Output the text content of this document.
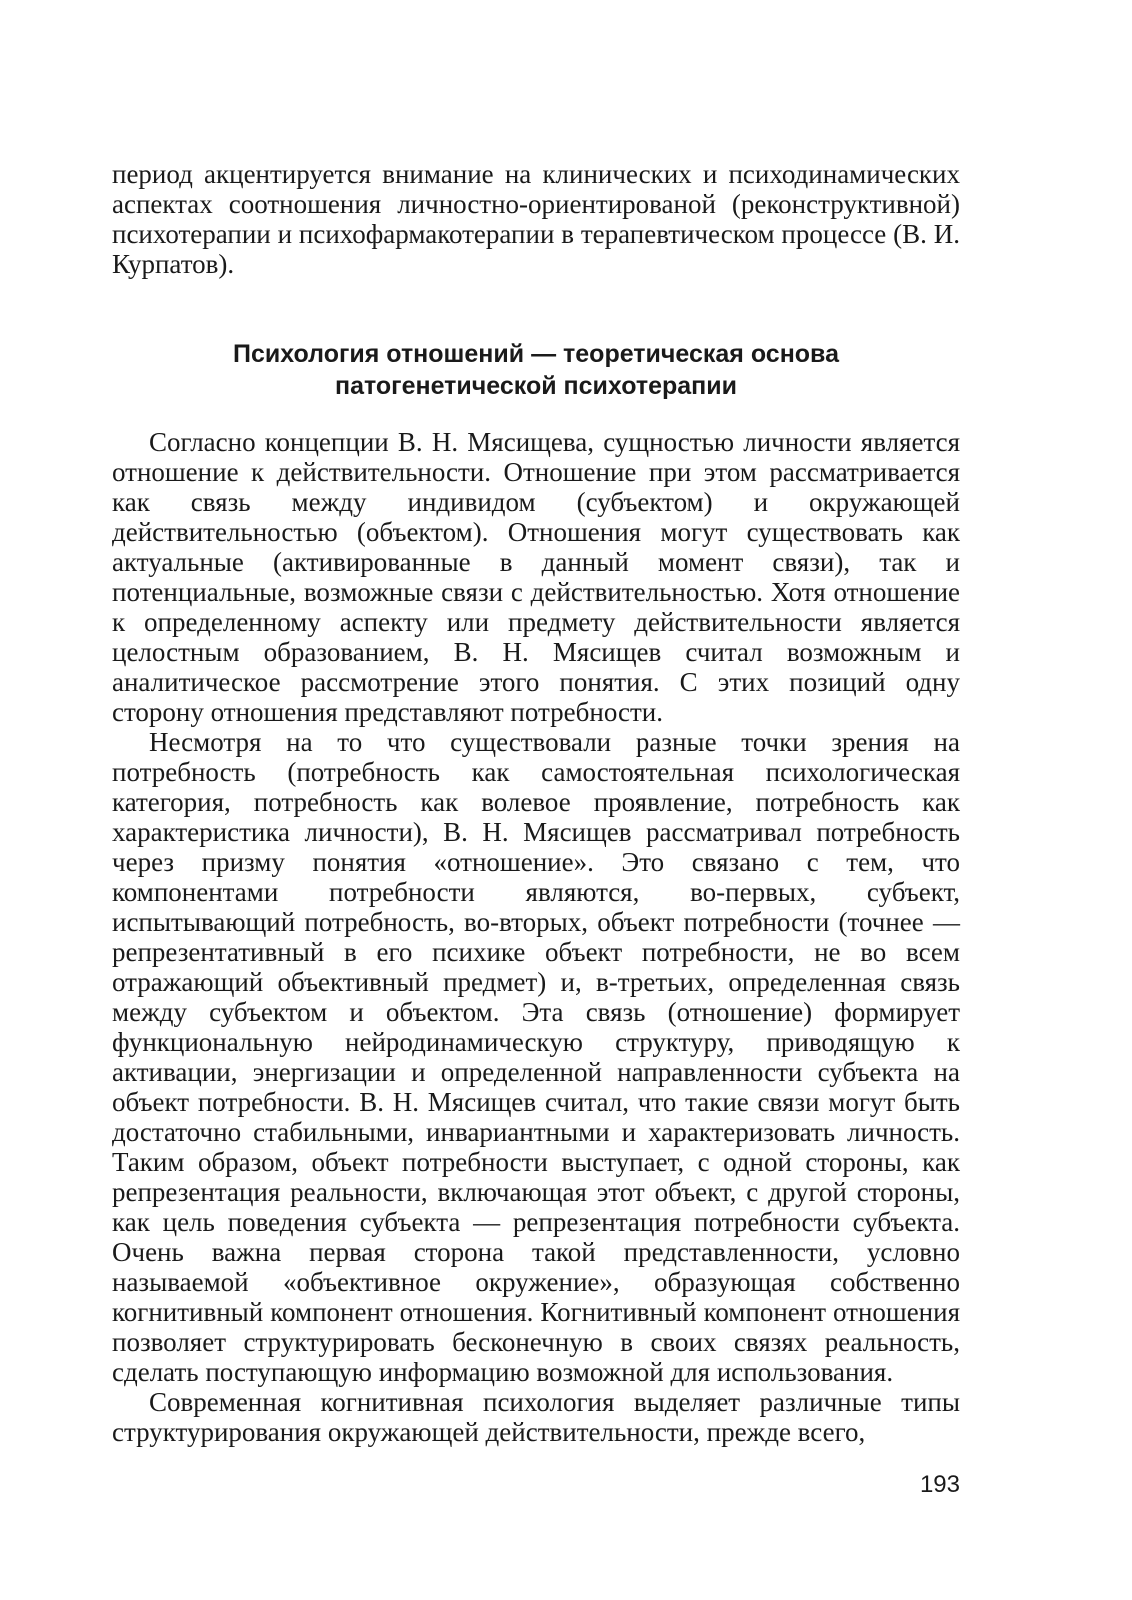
период акцентируется внимание на клинических и психодинамических аспектах соотношения личностно-ориентированой (реконструктивной) психотерапии и психофармакотерапии в терапевтическом процессе (В. И. Курпатов).

Психология отношений — теоретическая основа
патогенетической психотерапии

Согласно концепции В. Н. Мясищева, сущностью личности является отношение к действительности. Отношение при этом рассматривается как связь между индивидом (субъектом) и окружающей действительностью (объектом). Отношения могут существовать как актуальные (активированные в данный момент связи), так и потенциальные, возможные связи с действительностью. Хотя отношение к определенному аспекту или предмету действительности является целостным образованием, В. Н. Мясищев считал возможным и аналитическое рассмотрение этого понятия. С этих позиций одну сторону отношения представляют потребности.

Несмотря на то что существовали разные точки зрения на потребность (потребность как самостоятельная психологическая категория, потребность как волевое проявление, потребность как характеристика личности), В. Н. Мясищев рассматривал потребность через призму понятия «отношение». Это связано с тем, что компонентами потребности являются, во-первых, субъект, испытывающий потребность, во-вторых, объект потребности (точнее — репрезентативный в его психике объект потребности, не во всем отражающий объективный предмет) и, в-третьих, определенная связь между субъектом и объектом. Эта связь (отношение) формирует функциональную нейродинамическую структуру, приводящую к активации, энергизации и определенной направленности субъекта на объект потребности. В. Н. Мясищев считал, что такие связи могут быть достаточно стабильными, инвариантными и характеризовать личность. Таким образом, объект потребности выступает, с одной стороны, как репрезентация реальности, включающая этот объект, с другой стороны, как цель поведения субъекта — репрезентация потребности субъекта. Очень важна первая сторона такой представленности, условно называемой «объективное окружение», образующая собственно когнитивный компонент отношения. Когнитивный компонент отношения позволяет структурировать бесконечную в своих связях реальность, сделать поступающую информацию возможной для использования.

Современная когнитивная психология выделяет различные типы структурирования окружающей действительности, прежде всего,

193
